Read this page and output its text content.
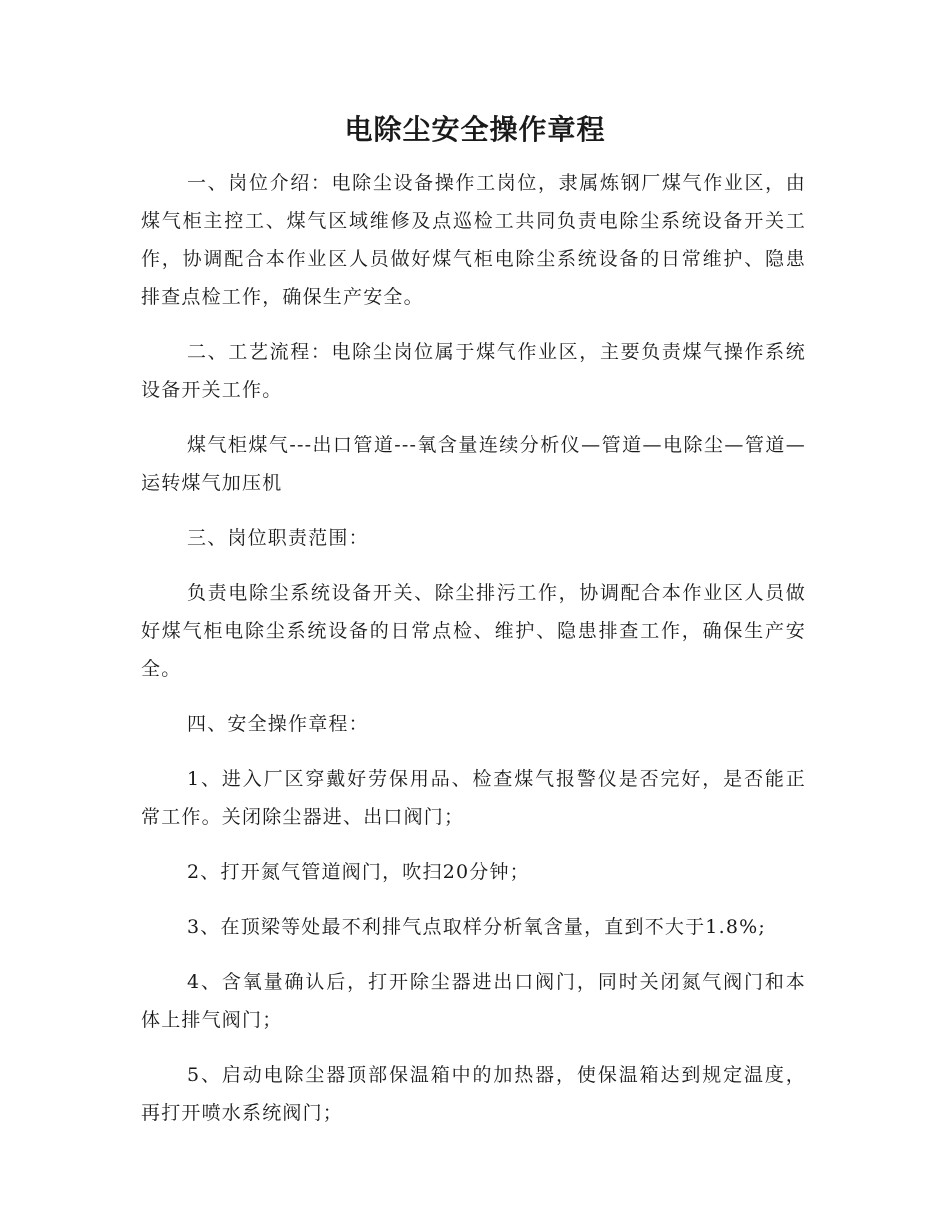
电除尘安全操作章程

一、岗位介绍：电除尘设备操作工岗位，隶属炼钢厂煤气作业区，由煤气柜主控工、煤气区域维修及点巡检工共同负责电除尘系统设备开关工作，协调配合本作业区人员做好煤气柜电除尘系统设备的日常维护、隐患排查点检工作，确保生产安全。

二、工艺流程：电除尘岗位属于煤气作业区，主要负责煤气操作系统设备开关工作。

煤气柜煤气---出口管道---氧含量连续分析仪—管道—电除尘—管道—运转煤气加压机

三、岗位职责范围：

负责电除尘系统设备开关、除尘排污工作，协调配合本作业区人员做好煤气柜电除尘系统设备的日常点检、维护、隐患排查工作，确保生产安全。

四、安全操作章程：

1、进入厂区穿戴好劳保用品、检查煤气报警仪是否完好，是否能正常工作。关闭除尘器进、出口阀门；

2、打开氮气管道阀门，吹扫20分钟；

3、在顶梁等处最不利排气点取样分析氧含量，直到不大于1.8%;

4、含氧量确认后，打开除尘器进出口阀门，同时关闭氮气阀门和本体上排气阀门；

5、启动电除尘器顶部保温箱中的加热器，使保温箱达到规定温度，再打开喷水系统阀门；
